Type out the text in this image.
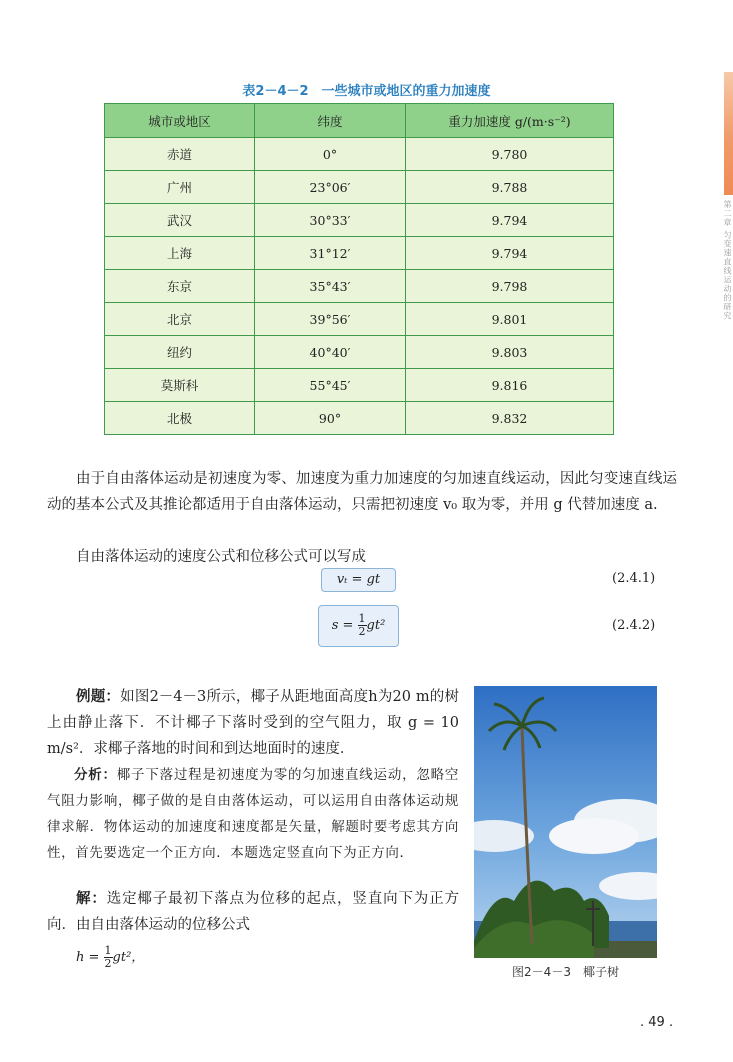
第二章 匀变速直线运动的研究
表2－4－2　一些城市或地区的重力加速度
城市或地区	纬度	重力加速度 g/(m·s⁻²)
赤道	0°	9.780
广州	23°06′	9.788
武汉	30°33′	9.794
上海	31°12′	9.794
东京	35°43′	9.798
北京	39°56′	9.801
纽约	40°40′	9.803
莫斯科	55°45′	9.816
北极	90°	9.832
由于自由落体运动是初速度为零、加速度为重力加速度的匀加速直线运动，因此匀变速直线运动的基本公式及其推论都适用于自由落体运动，只需把初速度 v₀ 取为零，并用 g 代替加速度 a.
自由落体运动的速度公式和位移公式可以写成
vₜ = gt	(2.4.1)
$s = \frac{1}{2} gt^2$	(2.4.2)
例题：如图2－4－3所示，椰子从距地面高度h为20 m的树上由静止落下．不计椰子下落时受到的空气阻力，取 g = 10 m/s²．求椰子落地的时间和到达地面时的速度．
分析：椰子下落过程是初速度为零的匀加速直线运动，忽略空气阻力影响，椰子做的是自由落体运动，可以运用自由落体运动规律求解．物体运动的加速度和速度都是矢量，解题时要考虑其方向性，首先要选定一个正方向．本题选定竖直向下为正方向．
解：选定椰子最初下落点为位移的起点，竖直向下为正方向．由自由落体运动的位移公式
$h = \frac{1}{2} gt^2$，
图2－4－3　椰子树
. 49 .
